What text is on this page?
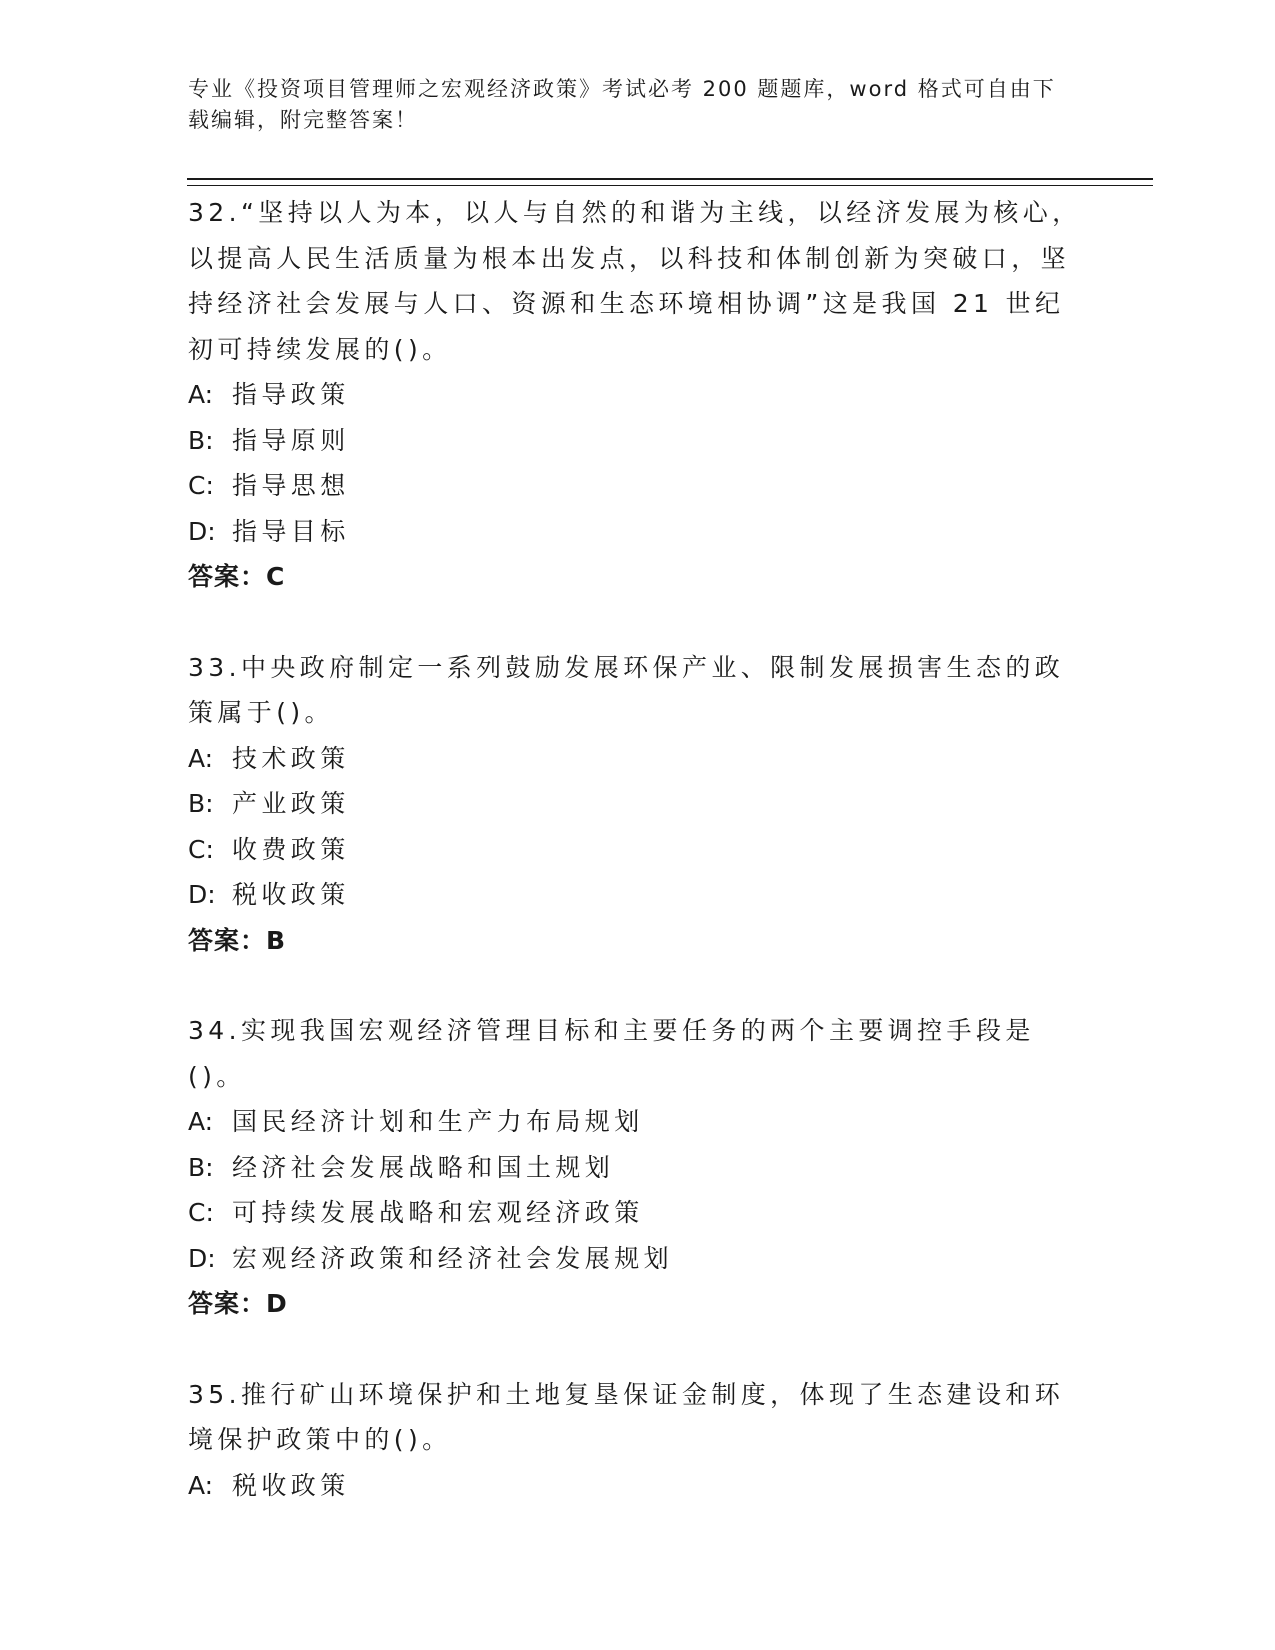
专业《投资项目管理师之宏观经济政策》考试必考 200 题题库，word 格式可自由下载编辑，附完整答案！

32.“坚持以人为本，以人与自然的和谐为主线，以经济发展为核心，以提高人民生活质量为根本出发点，以科技和体制创新为突破口，坚持经济社会发展与人口、资源和生态环境相协调”这是我国 21 世纪初可持续发展的()。

A: 指导政策
B: 指导原则
C: 指导思想
D: 指导目标
答案：C

33.中央政府制定一系列鼓励发展环保产业、限制发展损害生态的政策属于()。

A: 技术政策
B: 产业政策
C: 收费政策
D: 税收政策
答案：B

34.实现我国宏观经济管理目标和主要任务的两个主要调控手段是()。

A: 国民经济计划和生产力布局规划
B: 经济社会发展战略和国土规划
C: 可持续发展战略和宏观经济政策
D: 宏观经济政策和经济社会发展规划
答案：D

35.推行矿山环境保护和土地复垦保证金制度，体现了生态建设和环境保护政策中的()。

A: 税收政策
